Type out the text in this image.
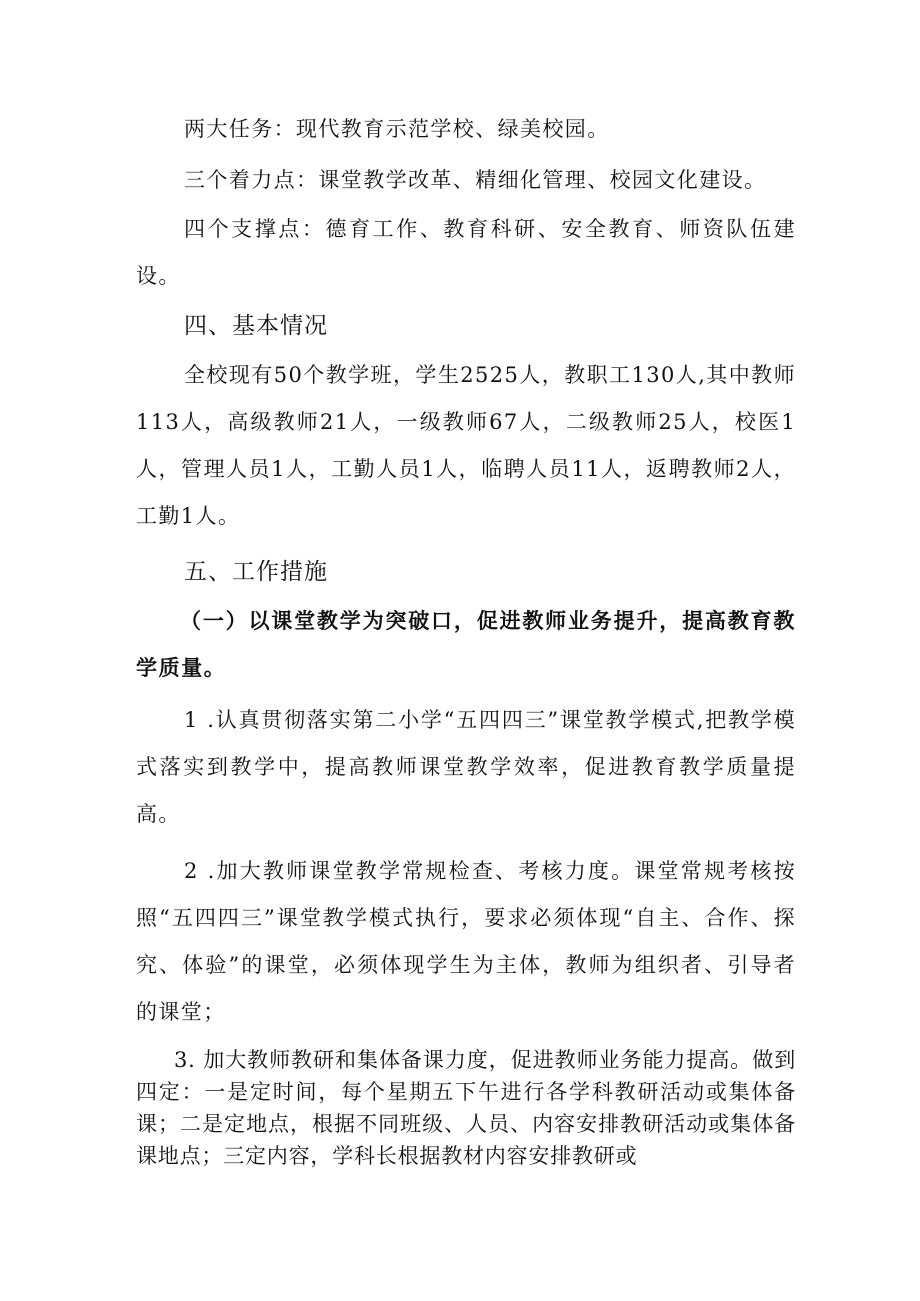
两大任务：现代教育示范学校、绿美校园。

三个着力点：课堂教学改革、精细化管理、校园文化建设。

四个支撑点：德育工作、教育科研、安全教育、师资队伍建设。

四、基本情况

全校现有50个教学班，学生2525人，教职工130人,其中教师113人，高级教师21人，一级教师67人，二级教师25人，校医1人，管理人员1人，工勤人员1人，临聘人员11人，返聘教师2人，工勤1人。

五、工作措施

（一）以课堂教学为突破口，促进教师业务提升，提高教育教学质量。

1 .认真贯彻落实第二小学“五四四三”课堂教学模式,把教学模式落实到教学中，提高教师课堂教学效率，促进教育教学质量提高。

2 .加大教师课堂教学常规检查、考核力度。课堂常规考核按照“五四四三”课堂教学模式执行，要求必须体现“自主、合作、探究、体验”的课堂，必须体现学生为主体，教师为组织者、引导者的课堂；

3. 加大教师教研和集体备课力度，促进教师业务能力提高。做到四定：一是定时间，每个星期五下午进行各学科教研活动或集体备课；二是定地点，根据不同班级、人员、内容安排教研活动或集体备课地点；三定内容，学科长根据教材内容安排教研或
